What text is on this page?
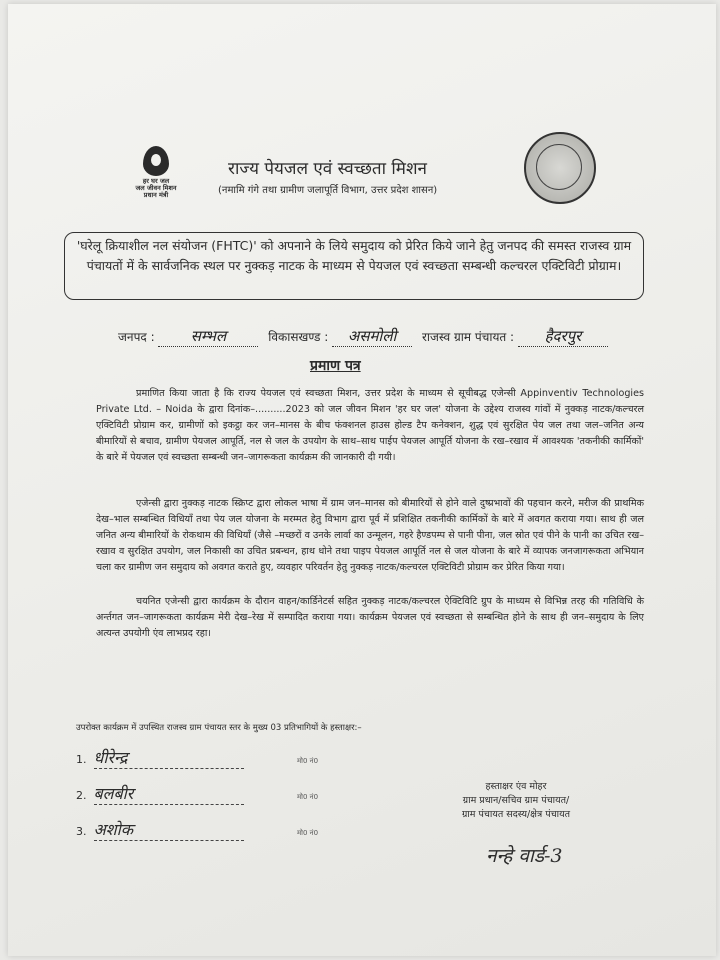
हर घर जल
जल जीवन मिशन
प्रधान मंत्री
राज्य पेयजल एवं स्वच्छता मिशन
(नमामि गंगे तथा ग्रामीण जलापूर्ति विभाग, उत्तर प्रदेश शासन)
'घरेलू क्रियाशील नल संयोजन (FHTC)' को अपनाने के लिये समुदाय को प्रेरित किये जाने हेतु जनपद की समस्त राजस्व ग्राम पंचायतों में के सार्वजनिक स्थल पर नुक्कड़ नाटक के माध्यम से पेयजल एवं स्वच्छता सम्बन्धी कल्चरल एक्टिविटी प्रोग्राम।
जनपद : सम्भल	विकासखण्ड : असमोली राजस्व ग्राम पंचायत : हैदरपुर
प्रमाण पत्र
प्रमाणित किया जाता है कि राज्य पेयजल एवं स्वच्छता मिशन, उत्तर प्रदेश के माध्यम से सूचीबद्ध एजेन्सी Appinventiv Technologies Private Ltd. – Noida के द्वारा दिनांक–..........2023 को जल जीवन मिशन 'हर घर जल' योजना के उद्देश्य राजस्व गांवों में नुक्कड़ नाटक/कल्चरल एक्टिविटी प्रोग्राम कर, ग्रामीणों को इकट्ठा कर जन–मानस के बीच फंक्शनल हाउस होल्ड टैप कनेक्शन, शुद्ध एवं सुरक्षित पेय जल तथा जल–जनित अन्य बीमारियों से बचाव, ग्रामीण पेयजल आपूर्ति, नल से जल के उपयोग के साथ–साथ पाईप पेयजल आपूर्ति योजना के रख–रखाव में आवश्यक 'तकनीकी कार्मिकों' के बारे में पेयजल एवं स्वच्छता सम्बन्धी जन–जागरूकता कार्यक्रम की जानकारी दी गयी।
एजेन्सी द्वारा नुक्कड़ नाटक स्क्रिप्ट द्वारा लोकल भाषा में ग्राम जन–मानस को बीमारियों से होने वाले दुष्प्रभावों की पहचान करने, मरीज की प्राथमिक देख–भाल सम्बन्धित विधियाँ तथा पेय जल योजना के मरम्मत हेतु विभाग द्वारा पूर्व में प्रशिक्षित तकनीकी कार्मिकों के बारे में अवगत कराया गया। साथ ही जल जनित अन्य बीमारियों के रोकथाम की विधियाँ (जैसे –मच्छरों व उनके लार्वा का उन्मूलन, गहरे हैण्डपम्प से पानी पीना, जल स्रोत एवं पीने के पानी का उचित रख–रखाव व सुरक्षित उपयोग, जल निकासी का उचित प्रबन्धन, हाथ धोने तथा पाइप पेयजल आपूर्ति नल से जल योजना के बारे में व्यापक जनजागरूकता अभियान चला कर ग्रामीण जन समुदाय को अवगत कराते हुए, व्यवहार परिवर्तन हेतु नुक्कड़ नाटक/कल्चरल एक्टिविटी प्रोग्राम कर प्रेरित किया गया।
चयनित एजेन्सी द्वारा कार्यक्रम के दौरान वाहन/कार्डिनेटर्स सहित नुक्कड़ नाटक/कल्चरल ऐक्टिविटि ग्रुप के माध्यम से विभिन्न तरह की गतिविधि के अर्न्तगत जन–जागरूकता कार्यक्रम मेरी देख–रेख में सम्पादित कराया गया। कार्यक्रम पेयजल एवं स्वच्छता से सम्बन्धित होने के साथ ही जन–समुदाय के लिए अत्यन्त उपयोगी एंव लाभप्रद रहा।
उपरोक्त कार्यक्रम में उपस्थित राजस्व ग्राम पंचायत स्तर के मुख्य 03 प्रतिभागियों के हस्ताक्षर:–
1. धीरेन्द्र	मो0 नं0
2. बलबीर	मो0 नं0
3. अशोक	मो0 नं0
हस्ताक्षर एंव मोहर
ग्राम प्रधान/सचिव ग्राम पंचायत/
ग्राम पंचायत सदस्य/क्षेत्र पंचायत
नन्हे वार्ड-3
